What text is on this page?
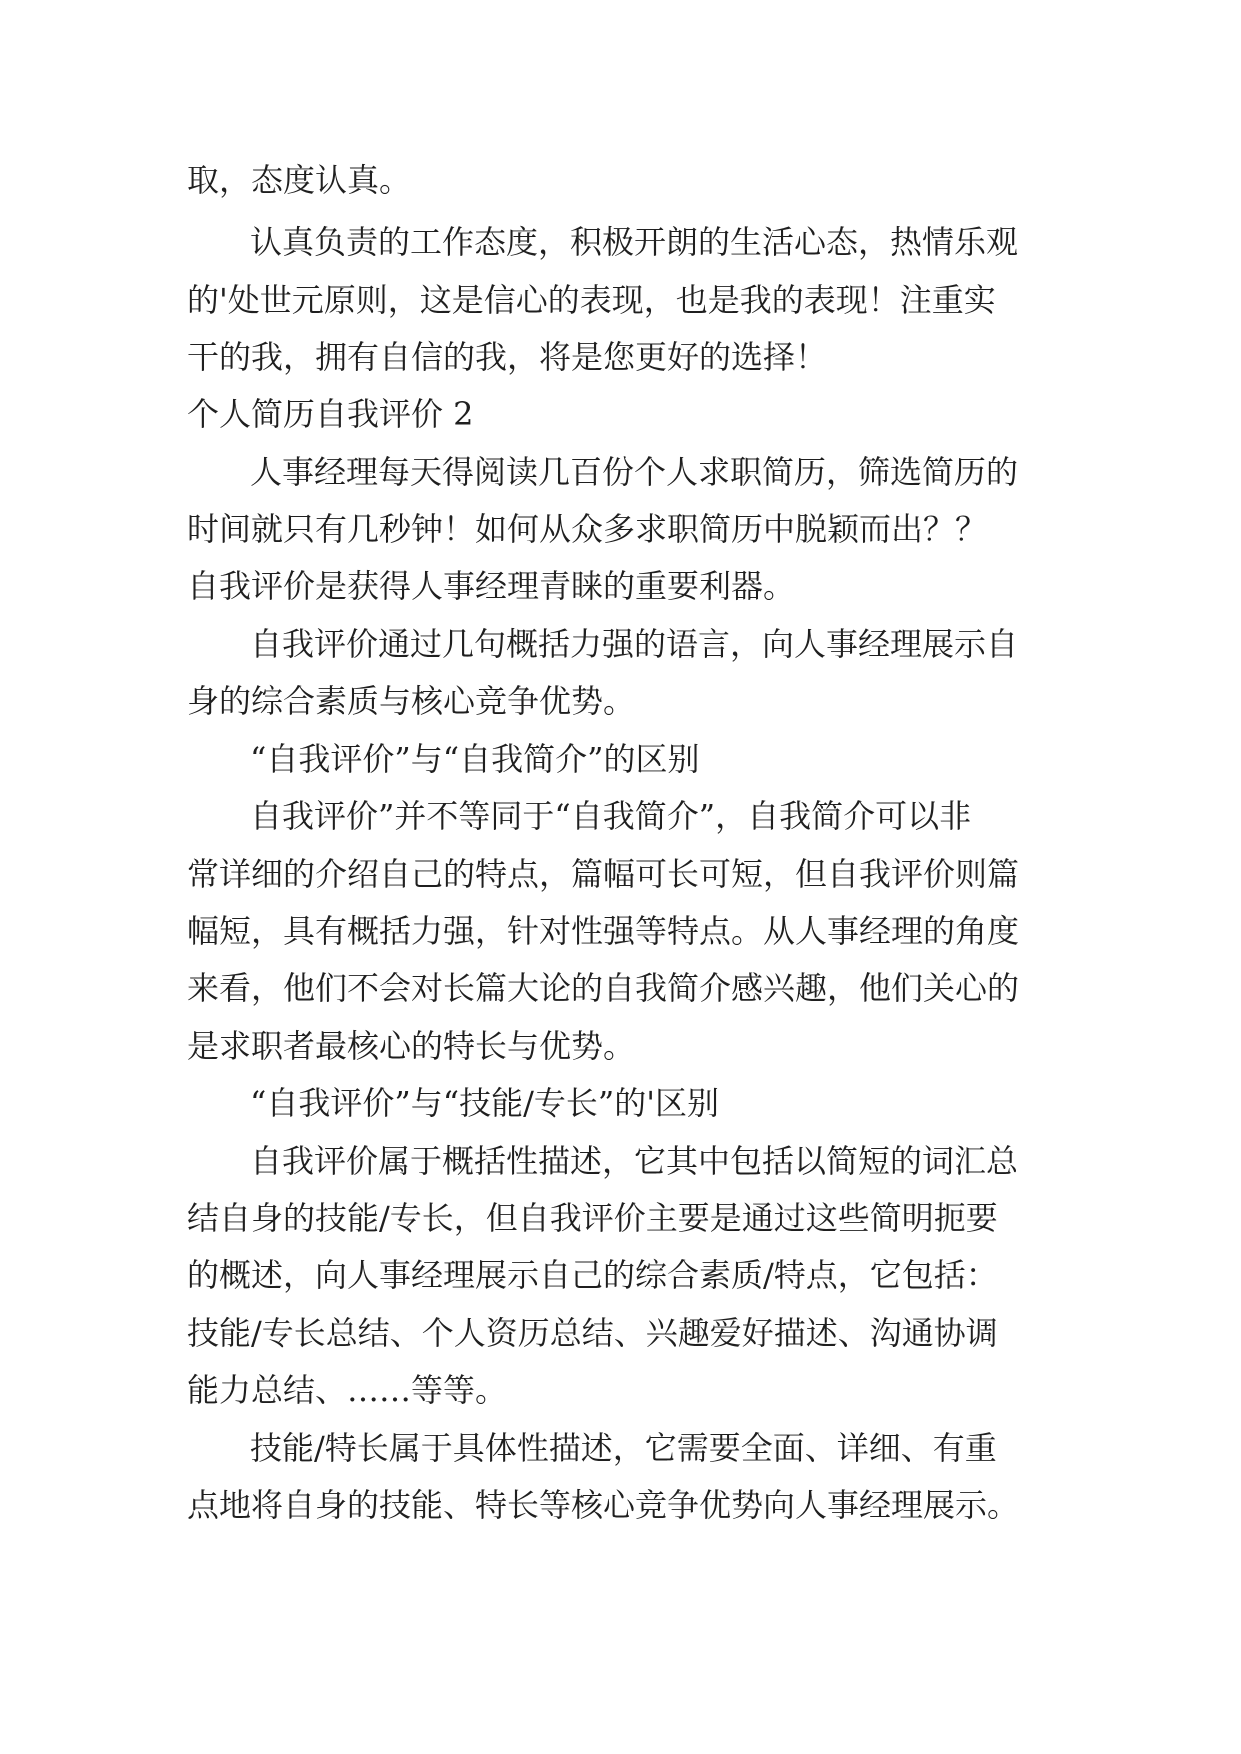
取，态度认真。
认真负责的工作态度，积极开朗的生活心态，热情乐观
的'处世元原则，这是信心的表现，也是我的表现！注重实
干的我，拥有自信的我，将是您更好的选择！
个人简历自我评价 2
人事经理每天得阅读几百份个人求职简历，筛选简历的
时间就只有几秒钟！如何从众多求职简历中脱颖而出？？
自我评价是获得人事经理青睐的重要利器。
自我评价通过几句概括力强的语言，向人事经理展示自
身的综合素质与核心竞争优势。
“自我评价”与“自我简介”的区别
自我评价”并不等同于“自我简介”，自我简介可以非
常详细的介绍自己的特点，篇幅可长可短，但自我评价则篇
幅短，具有概括力强，针对性强等特点。从人事经理的角度
来看，他们不会对长篇大论的自我简介感兴趣，他们关心的
是求职者最核心的特长与优势。
“自我评价”与“技能/专长”的'区别
自我评价属于概括性描述，它其中包括以简短的词汇总
结自身的技能/专长，但自我评价主要是通过这些简明扼要
的概述，向人事经理展示自己的综合素质/特点，它包括：
技能/专长总结、个人资历总结、兴趣爱好描述、沟通协调
能力总结、……等等。
技能/特长属于具体性描述，它需要全面、详细、有重
点地将自身的技能、特长等核心竞争优势向人事经理展示。
